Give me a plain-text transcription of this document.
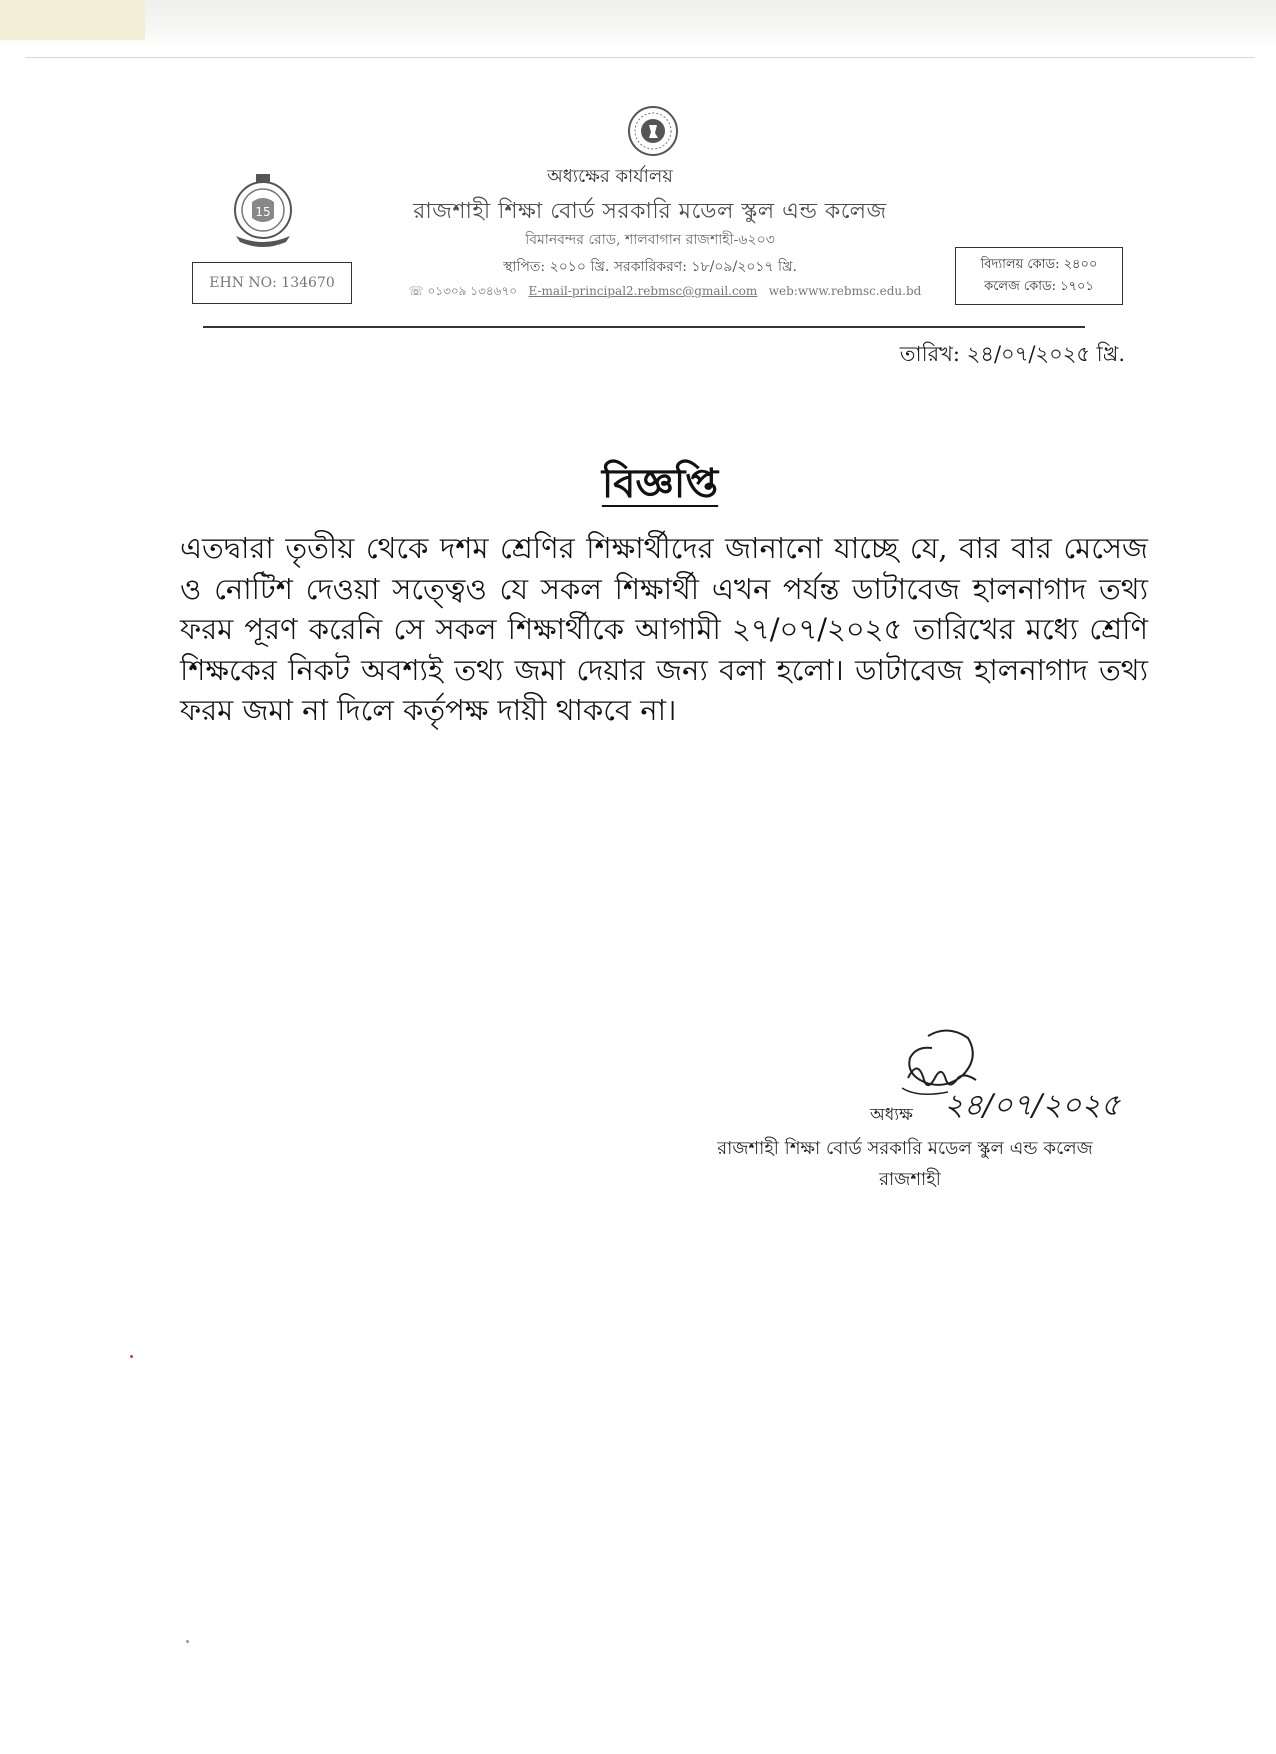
15
অধ্যক্ষের কার্যালয়
রাজশাহী শিক্ষা বোর্ড সরকারি মডেল স্কুল এন্ড কলেজ
বিমানবন্দর রোড, শালবাগান রাজশাহী-৬২০৩
স্থাপিত: ২০১০ খ্রি. সরকারিকরণ: ১৮/০৯/২০১৭ খ্রি.
☏ ০১৩০৯ ১৩৪৬৭০ E-mail-principal2.rebmsc@gmail.com web:www.rebmsc.edu.bd
EHN NO: 134670
বিদ্যালয় কোড: ২৪০০
কলেজ কোড: ১৭০১
তারিখ: ২৪/০৭/২০২৫ খ্রি.
বিজ্ঞপ্তি
এতদ্বারা তৃতীয় থেকে দশম শ্রেণির শিক্ষার্থীদের জানানো যাচ্ছে যে, বার বার মেসেজ ও নোটিশ দেওয়া সত্ত্বেও যে সকল শিক্ষার্থী এখন পর্যন্ত ডাটাবেজ হালনাগাদ তথ্য ফরম পূরণ করেনি সে সকল শিক্ষার্থীকে আগামী ২৭/০৭/২০২৫ তারিখের মধ্যে শ্রেণি শিক্ষকের নিকট অবশ্যই তথ্য জমা দেয়ার জন্য বলা হলো। ডাটাবেজ হালনাগাদ তথ্য ফরম জমা না দিলে কর্তৃপক্ষ দায়ী থাকবে না।
২৪/০৭/২০২৫
অধ্যক্ষ
রাজশাহী শিক্ষা বোর্ড সরকারি মডেল স্কুল এন্ড কলেজ
রাজশাহী
